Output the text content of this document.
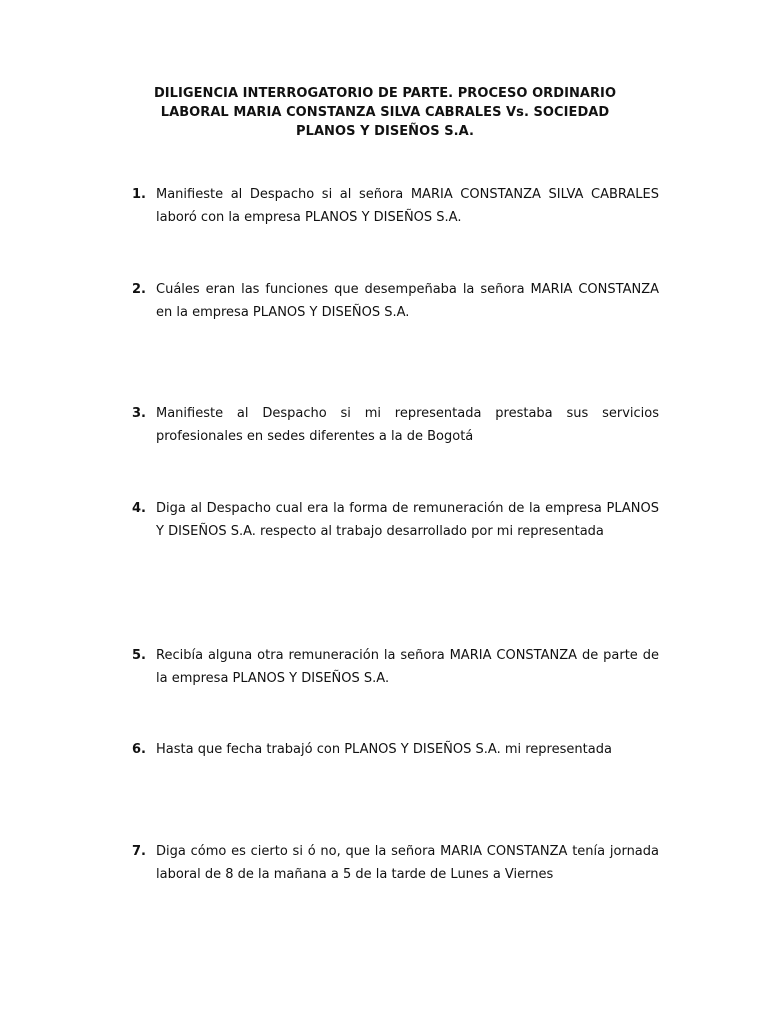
DILIGENCIA INTERROGATORIO DE PARTE. PROCESO ORDINARIO
LABORAL MARIA CONSTANZA SILVA CABRALES Vs. SOCIEDAD
PLANOS Y DISEÑOS S.A.
1. Manifieste al Despacho si al señora MARIA CONSTANZA SILVA CABRALES laboró con la empresa PLANOS Y DISEÑOS S.A.
2. Cuáles eran las funciones que desempeñaba la señora MARIA CONSTANZA en la empresa PLANOS Y DISEÑOS S.A.
3. Manifieste al Despacho si mi representada prestaba sus servicios profesionales en sedes diferentes a la de Bogotá
4. Diga al Despacho cual era la forma de remuneración de la empresa PLANOS Y DISEÑOS S.A. respecto al trabajo desarrollado por mi representada
5. Recibía alguna otra remuneración la señora MARIA CONSTANZA de parte de la empresa PLANOS Y DISEÑOS S.A.
6. Hasta que fecha trabajó con PLANOS Y DISEÑOS S.A. mi representada
7. Diga cómo es cierto si ó no, que la señora MARIA CONSTANZA tenía jornada laboral de 8 de la mañana a 5 de la tarde de Lunes a Viernes
